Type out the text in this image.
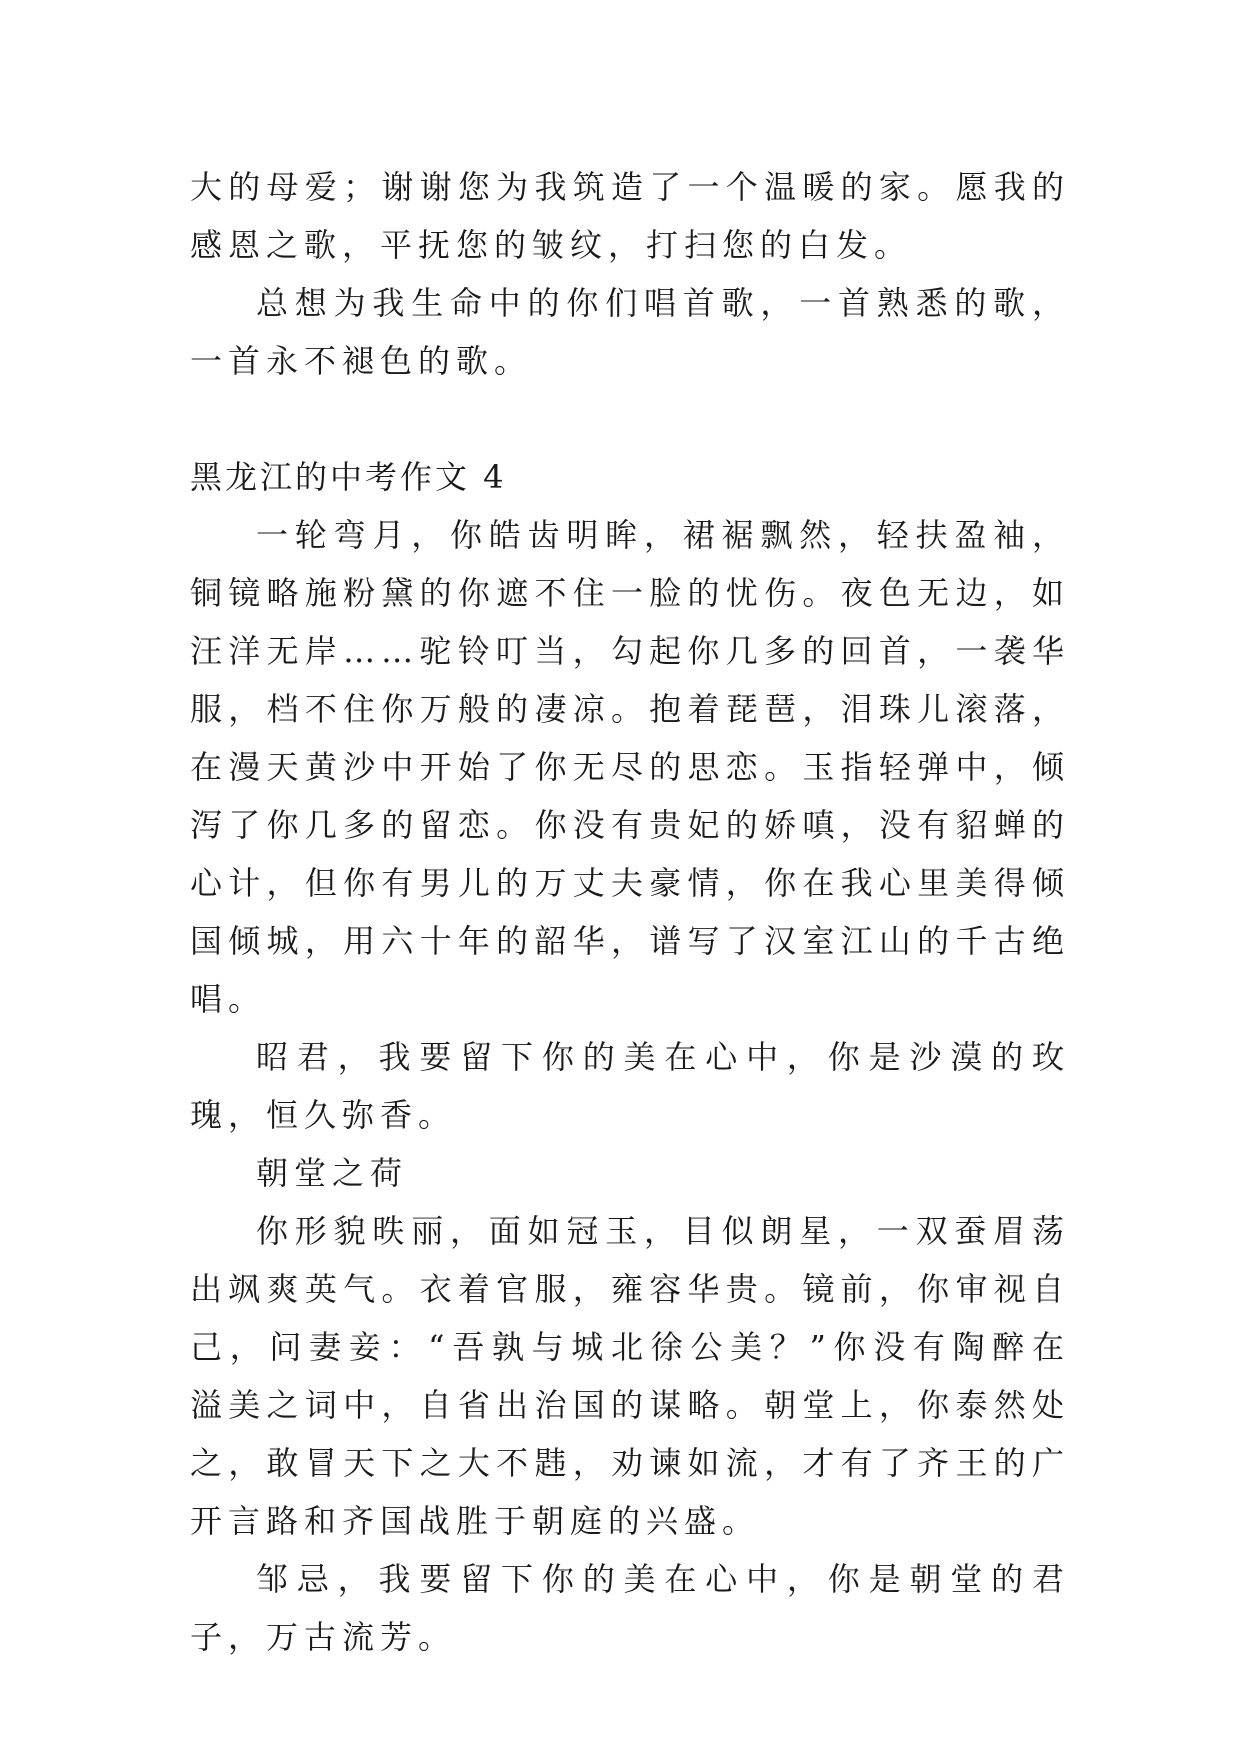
大的母爱；谢谢您为我筑造了一个温暖的家。愿我的感恩之歌，平抚您的皱纹，打扫您的白发。

总想为我生命中的你们唱首歌，一首熟悉的歌，一首永不褪色的歌。

黑龙江的中考作文 4

一轮弯月，你皓齿明眸，裙裾飘然，轻扶盈袖，铜镜略施粉黛的你遮不住一脸的忧伤。夜色无边，如汪洋无岸……驼铃叮当，勾起你几多的回首，一袭华服，档不住你万般的凄凉。抱着琵琶，泪珠儿滚落，在漫天黄沙中开始了你无尽的思恋。玉指轻弹中，倾泻了你几多的留恋。你没有贵妃的娇嗔，没有貂蝉的心计，但你有男儿的万丈夫豪情，你在我心里美得倾国倾城，用六十年的韶华，谱写了汉室江山的千古绝唱。

昭君，我要留下你的美在心中，你是沙漠的玫瑰，恒久弥香。

朝堂之荷

你形貌昳丽，面如冠玉，目似朗星，一双蚕眉荡出飒爽英气。衣着官服，雍容华贵。镜前，你审视自己，问妻妾：“吾孰与城北徐公美？”你没有陶醉在溢美之词中，自省出治国的谋略。朝堂上，你泰然处之，敢冒天下之大不韪，劝谏如流，才有了齐王的广开言路和齐国战胜于朝庭的兴盛。

邹忌，我要留下你的美在心中，你是朝堂的君子，万古流芳。
